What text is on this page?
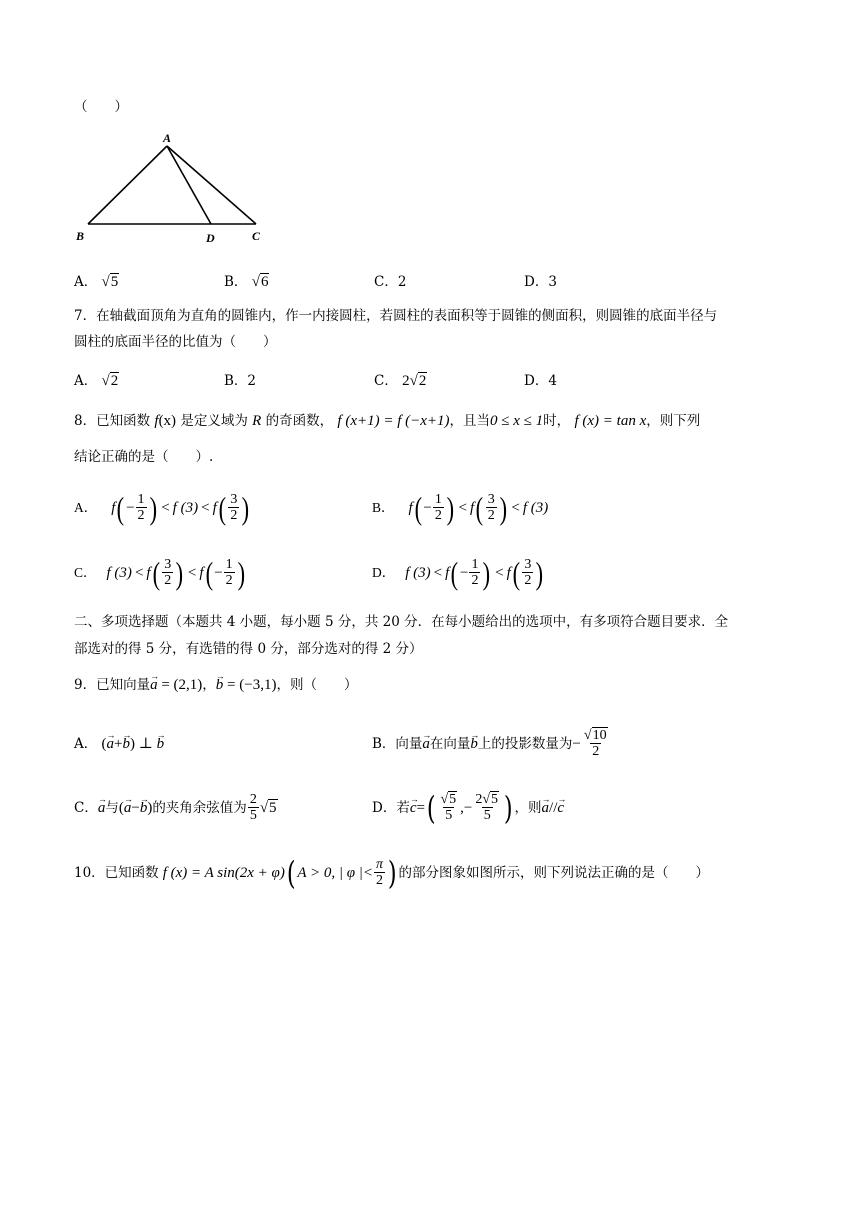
（　　）
A
B	D	C
A． √5	B． √6	C．2	D．3
7．在轴截面顶角为直角的圆锥内，作一内接圆柱，若圆柱的表面积等于圆锥的侧面积，则圆锥的底面半径与
圆柱的底面半径的比值为（　　）
A． √2	B．2	C． 2√2	D．4
8．已知函数 f(x) 是定义域为 R 的奇函数， f (x+1) = f (−x+1)，且当0 ≤ x ≤ 1时， f (x) = tan x，则下列
结论正确的是（　　）.
A． f ( − $\frac{1}{2}$ ) < f (3) < f ( $\frac{3}{2}$ )	B． f ( − $\frac{1}{2}$ ) < f ( $\frac{3}{2}$ ) < f (3)
C． f (3) < f ( $\frac{3}{2}$ ) < f ( − $\frac{1}{2}$ )	D． f (3) < f ( − $\frac{1}{2}$ ) < f ( $\frac{3}{2}$ )
二、多项选择题（本题共 4 小题，每小题 5 分，共 20 分．在每小题给出的选项中，有多项符合题目要求．全
部选对的得 5 分，有选错的得 0 分，部分选对的得 2 分）
9．已知向量→ a = (2,1)，→ b = (−3,1)，则（　　）
A． (→ a+→ b) ⊥ → b	B． 向量 → a 在向量 → b 上的投影数量为 − $\frac{√10}{2}$
C． → a 与 ( → a − → b ) 的夹角余弦值为 $\frac{2}{5} √5$	D． 若 → c = ( $\frac{√5}{5}$ , − $\frac{2√5}{5}$ ) ，则 → a // → c
10．已知函数 f (x) = A sin(2x + φ) ( A > 0, | φ |< $\frac{\pi}{2}$ ) 的部分图象如图所示，则下列说法正确的是（　　）
